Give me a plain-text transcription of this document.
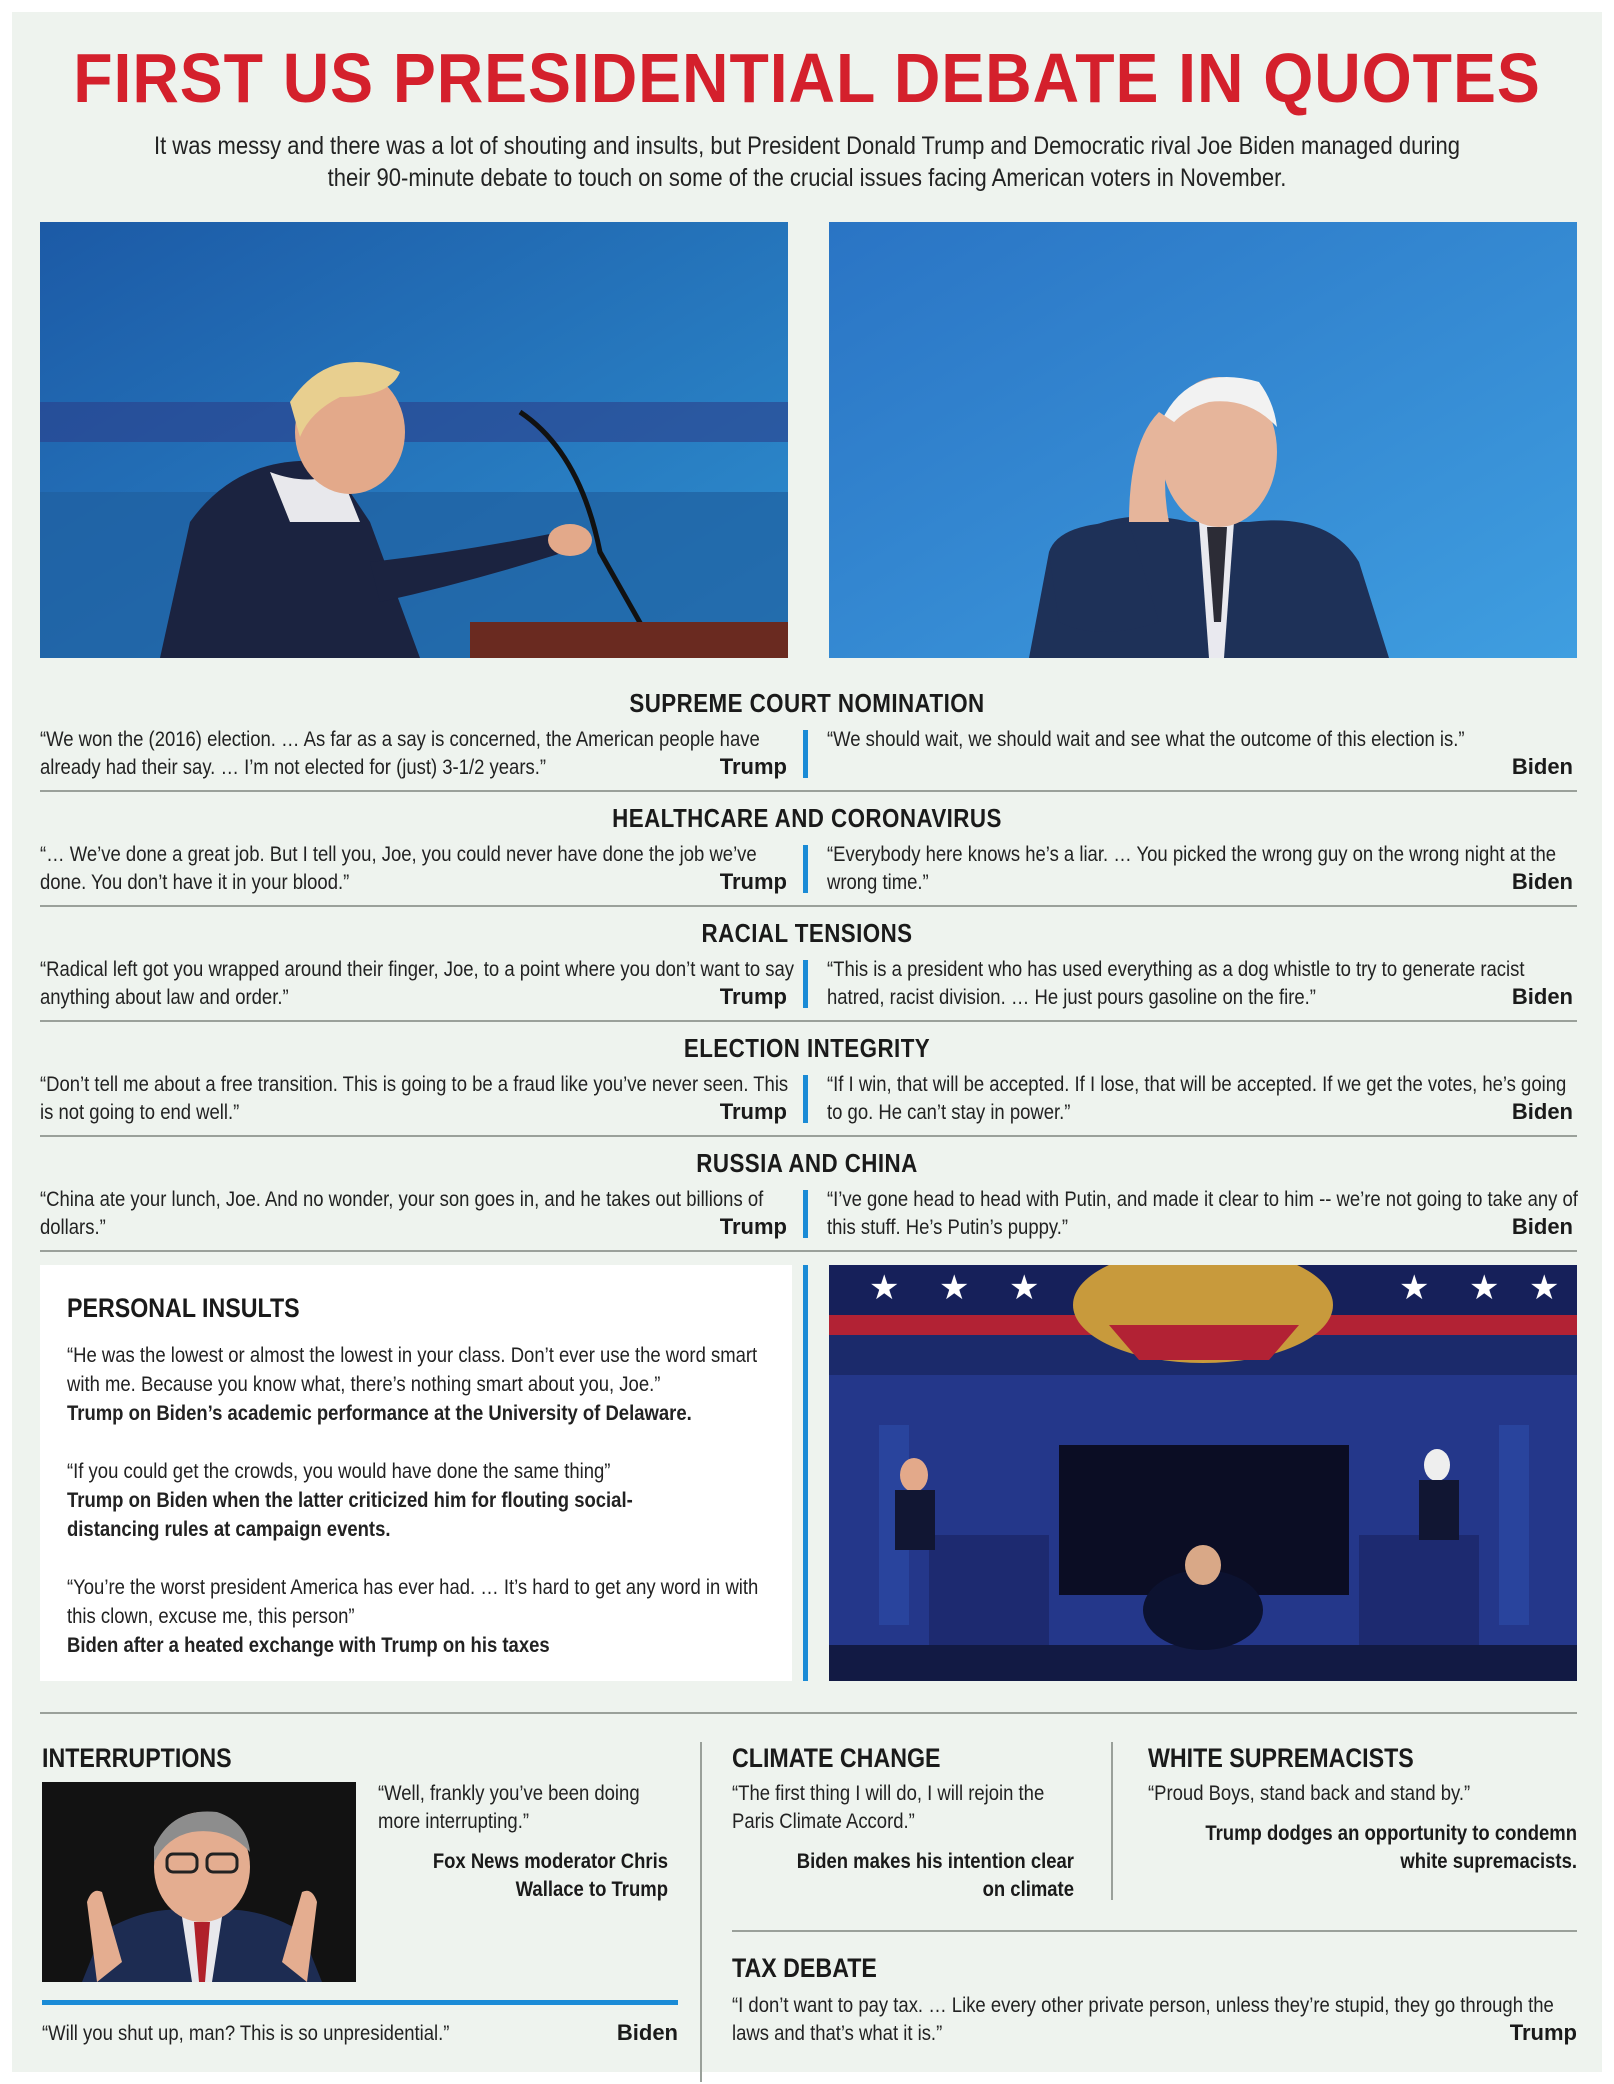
FIRST US PRESIDENTIAL DEBATE IN QUOTES
It was messy and there was a lot of shouting and insults, but President Donald Trump and Democratic rival Joe Biden managed during their 90-minute debate to touch on some of the crucial issues facing American voters in November.
SUPREME COURT NOMINATION
“We won the (2016) election. … As far as a say is concerned, the American people have already had their say. … I’m not elected for (just) 3-1/2 years.”	Trump
“We should wait, we should wait and see what the outcome of this election is.”
Biden
HEALTHCARE AND CORONAVIRUS
“… We’ve done a great job. But I tell you, Joe, you could never have done the job we’ve done. You don’t have it in your blood.”	Trump
“Everybody here knows he’s a liar. … You picked the wrong guy on the wrong night at the wrong time.”	Biden
RACIAL TENSIONS
“Radical left got you wrapped around their finger, Joe, to a point where you don’t want to say anything about law and order.”	Trump
“This is a president who has used everything as a dog whistle to try to generate racist hatred, racist division. … He just pours gasoline on the fire.”	Biden
ELECTION INTEGRITY
“Don’t tell me about a free transition. This is going to be a fraud like you’ve never seen. This is not going to end well.”	Trump
“If I win, that will be accepted. If I lose, that will be accepted. If we get the votes, he’s going to go. He can’t stay in power.”	Biden
RUSSIA AND CHINA
“China ate your lunch, Joe. And no wonder, your son goes in, and he takes out billions of dollars.”	Trump
“I’ve gone head to head with Putin, and made it clear to him -- we’re not going to take any of this stuff. He’s Putin’s puppy.”	Biden
PERSONAL INSULTS
“He was the lowest or almost the lowest in your class. Don’t ever use the word smart with me. Because you know what, there’s nothing smart about you, Joe.”
Trump on Biden’s academic performance at the University of Delaware.
“If you could get the crowds, you would have done the same thing”
Trump on Biden when the latter criticized him for flouting social-distancing rules at campaign events.
“You’re the worst president America has ever had. … It’s hard to get any word in with this clown, excuse me, this person”
Biden after a heated exchange with Trump on his taxes
★ ★ ★	★ ★ ★
INTERRUPTIONS
“Well, frankly you’ve been doing more interrupting.”
Fox News moderator Chris Wallace to Trump
“Will you shut up, man? This is so unpresidential.”	Biden
CLIMATE CHANGE
“The first thing I will do, I will rejoin the Paris Climate Accord.”
Biden makes his intention clear on climate
WHITE SUPREMACISTS
“Proud Boys, stand back and stand by.”
Trump dodges an opportunity to condemn white supremacists.
TAX DEBATE
“I don’t want to pay tax. … Like every other private person, unless they’re stupid, they go through the laws and that’s what it is.”	Trump
